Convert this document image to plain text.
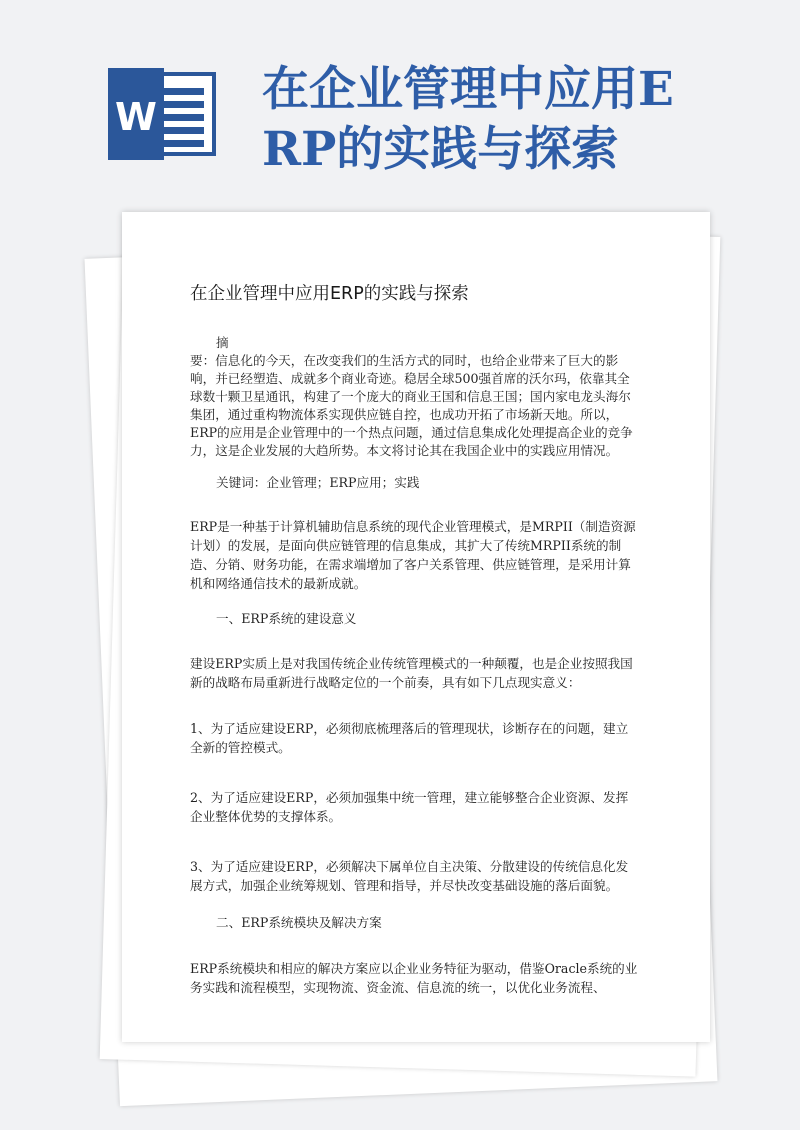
W 在企业管理中应用ERP的实践与探索
在企业管理中应用ERP的实践与探索
摘
要：信息化的今天，在改变我们的生活方式的同时，也给企业带来了巨大的影响，并已经塑造、成就多个商业奇迹。稳居全球500强首席的沃尔玛，依靠其全球数十颗卫星通讯，构建了一个庞大的商业王国和信息王国；国内家电龙头海尔集团，通过重构物流体系实现供应链自控，也成功开拓了市场新天地。所以，ERP的应用是企业管理中的一个热点问题，通过信息集成化处理提高企业的竞争力，这是企业发展的大趋所势。本文将讨论其在我国企业中的实践应用情况。
关键词：企业管理；ERP应用；实践

ERP是一种基于计算机辅助信息系统的现代企业管理模式，是MRPII（制造资源计划）的发展，是面向供应链管理的信息集成，其扩大了传统MRPII系统的制造、分销、财务功能，在需求端增加了客户关系管理、供应链管理，是采用计算机和网络通信技术的最新成就。

一、ERP系统的建设意义

建设ERP实质上是对我国传统企业传统管理模式的一种颠覆，也是企业按照我国新的战略布局重新进行战略定位的一个前奏，具有如下几点现实意义：

1、为了适应建设ERP，必须彻底梳理落后的管理现状，诊断存在的问题，建立全新的管控模式。

2、为了适应建设ERP，必须加强集中统一管理，建立能够整合企业资源、发挥企业整体优势的支撑体系。

3、为了适应建设ERP，必须解决下属单位自主决策、分散建设的传统信息化发展方式，加强企业统筹规划、管理和指导，并尽快改变基础设施的落后面貌。

二、ERP系统模块及解决方案

ERP系统模块和相应的解决方案应以企业业务特征为驱动，借鉴Oracle系统的业务实践和流程模型，实现物流、资金流、信息流的统一，以优化业务流程、
